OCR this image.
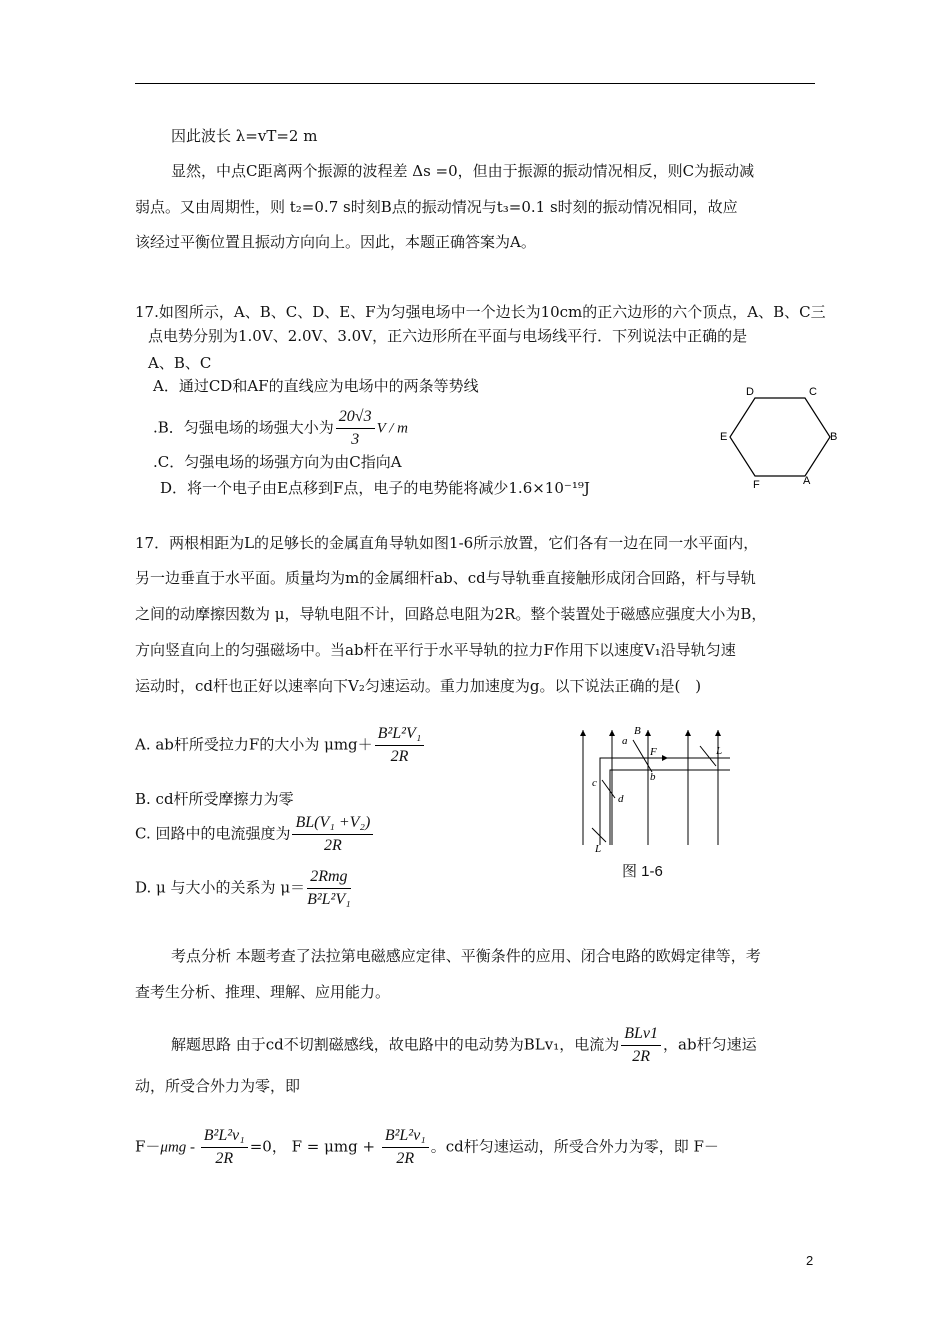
因此波长 λ=vT=2 m
显然，中点C距离两个振源的波程差 Δs =0，但由于振源的振动情况相反，则C为振动减
弱点。又由周期性，则 t₂=0.7 s时刻B点的振动情况与t₃=0.1 s时刻的振动情况相同，故应
该经过平衡位置且振动方向向上。因此，本题正确答案为A。
17.如图所示，A、B、C、D、E、F为匀强电场中一个边长为10cm的正六边形的六个顶点，A、B、C三
点电势分别为1.0V、2.0V、3.0V，正六边形所在平面与电场线平行．下列说法中正确的是
A、B、C
A．通过CD和AF的直线应为电场中的两条等势线
.B．匀强电场的场强大小为 $\frac{20√3}{3}$ V / m
.C．匀强电场的场强方向为由C指向A
D．将一个电子由E点移到F点，电子的电势能将减少1.6×10⁻¹⁹J
D	C
E	B
F	A
17．两根相距为L的足够长的金属直角导轨如图1-6所示放置，它们各有一边在同一水平面内，
另一边垂直于水平面。质量均为m的金属细杆ab、cd与导轨垂直接触形成闭合回路，杆与导轨
之间的动摩擦因数为 μ，导轨电阻不计，回路总电阻为2R。整个装置处于磁感应强度大小为B，
方向竖直向上的匀强磁场中。当ab杆在平行于水平导轨的拉力F作用下以速度V₁沿导轨匀速
运动时，cd杆也正好以速率向下V₂匀速运动。重力加速度为g。以下说法正确的是(　)
A. ab杆所受拉力F的大小为 $\mu mg+ \frac{\text{B²L²V₁}}{2R}$
B. cd杆所受摩擦力为零
C. 回路中的电流强度为 $\frac{\text{BL(V₁ +V₂)}}{2R}$
D. μ 与大小的关系为 $\mu= \frac{\text{2Rmg}}{\text{B²L²V₁}}$
B
a
F
b
L
c
d
L
图 1-6
考点分析 本题考查了法拉第电磁感应定律、平衡条件的应用、闭合电路的欧姆定律等，考
查考生分析、推理、理解、应用能力。
解题思路 由于cd不切割磁感线，故电路中的电动势为BLv₁，电流为 $\frac{\text{BLv1}}{2R}$ ，ab杆匀速运
动，所受合外力为零，即
$F-\mu mg - \frac{\text{B²L²v₁}}{2R} =0$， $F = \mu mg + \frac{\text{B²L²v₁}}{2R}$ 。cd杆匀速运动，所受合外力为零，即 F－
2
